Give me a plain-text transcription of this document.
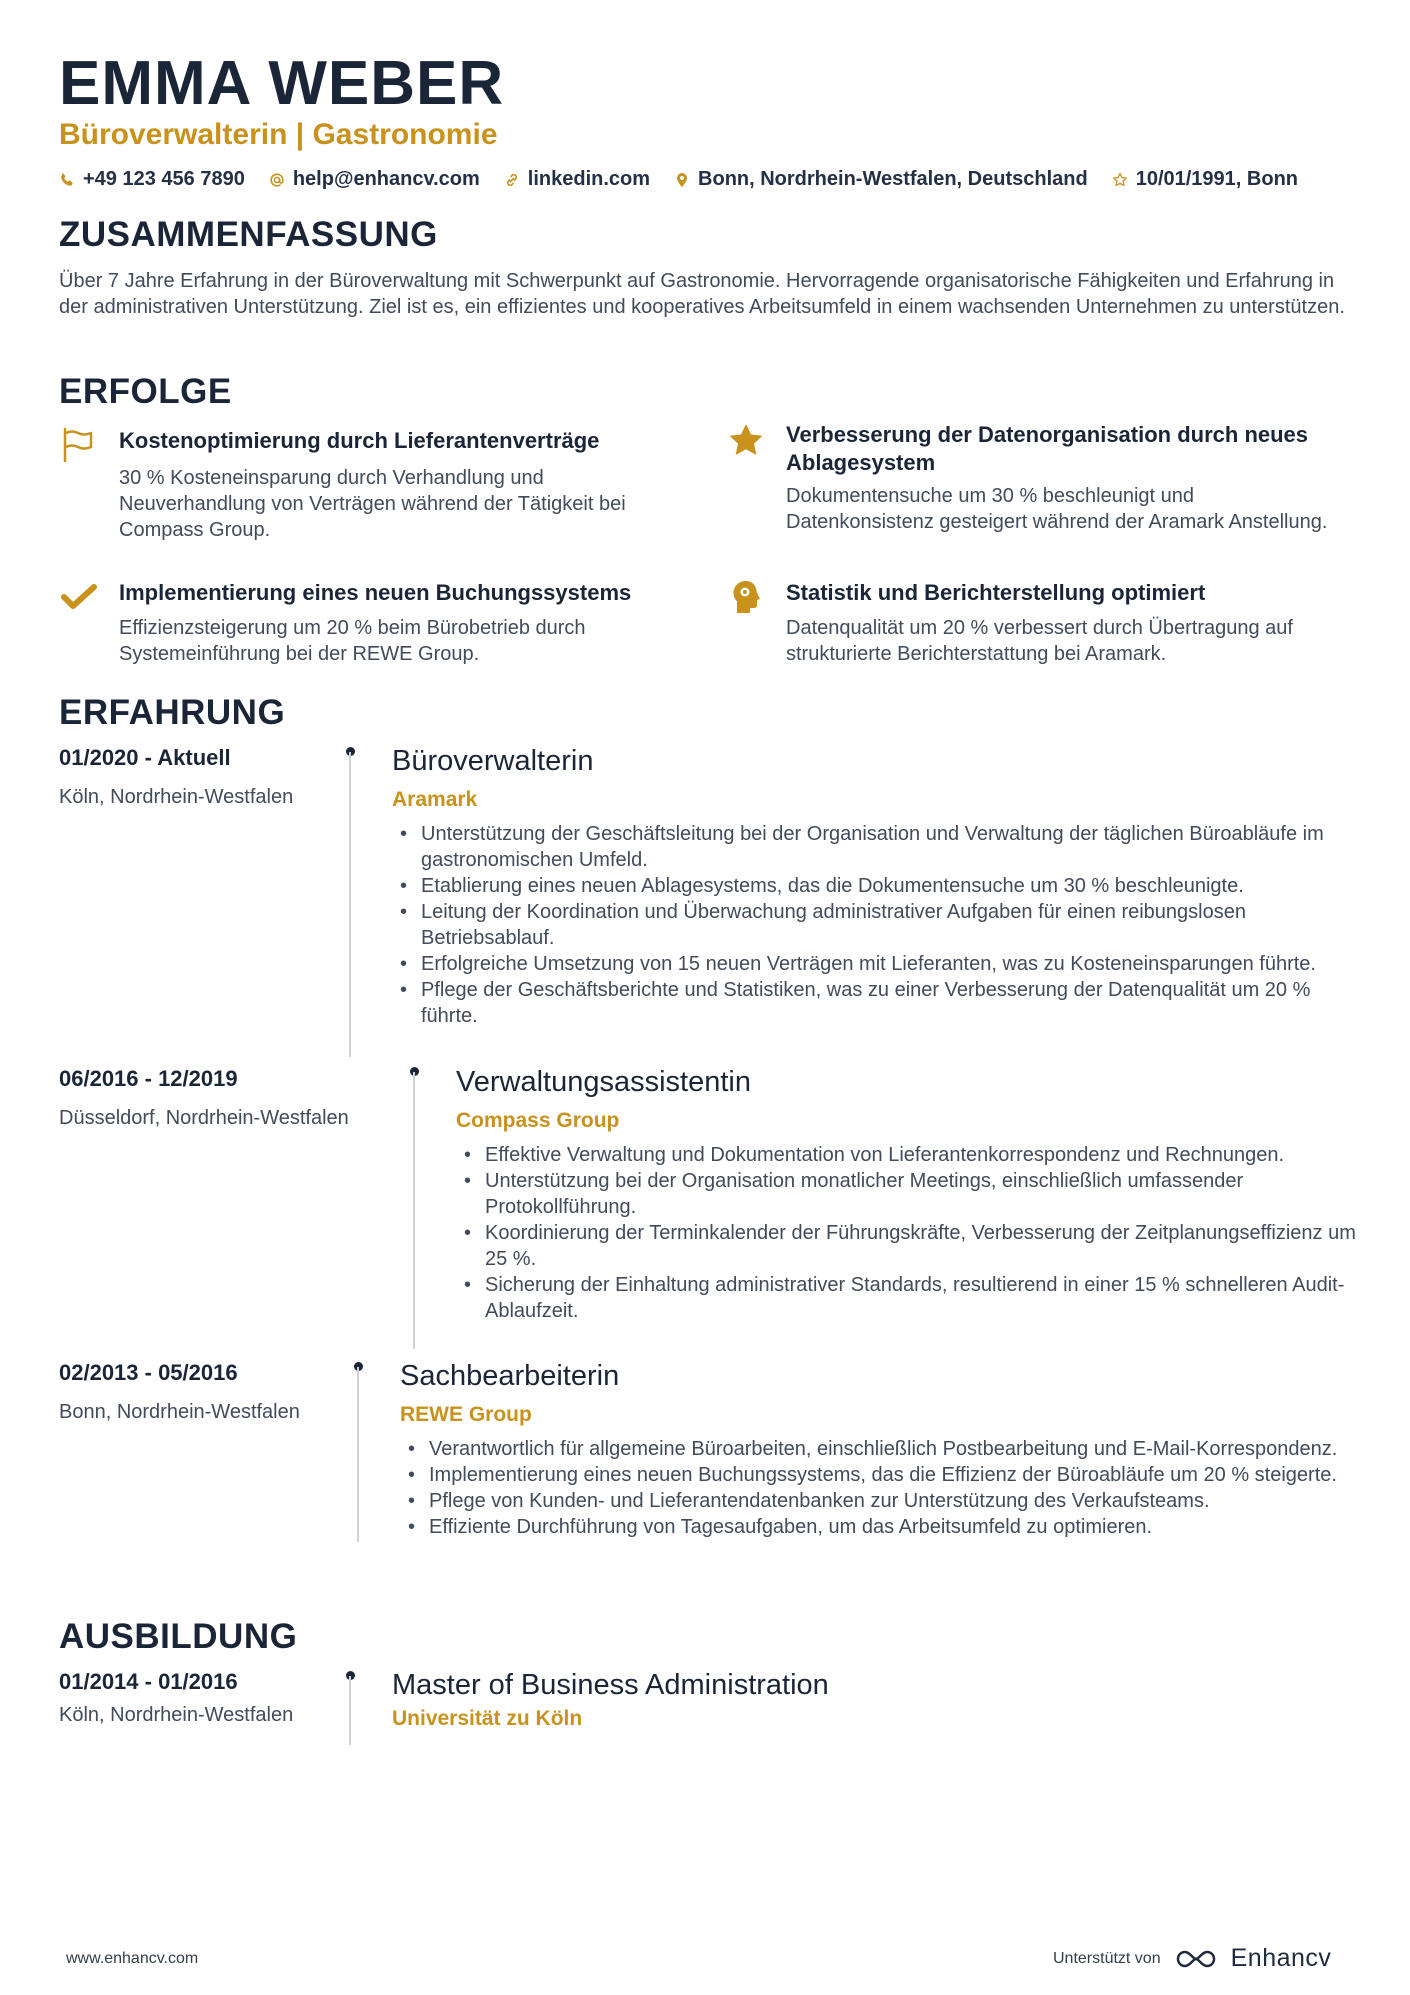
EMMA WEBER
Büroverwalterin | Gastronomie
+49 123 456 7890 help@enhancv.com linkedin.com Bonn, Nordrhein-Westfalen, Deutschland 10/01/1991, Bonn
ZUSAMMENFASSUNG
Über 7 Jahre Erfahrung in der Büroverwaltung mit Schwerpunkt auf Gastronomie. Hervorragende organisatorische Fähigkeiten und Erfahrung in der administrativen Unterstützung. Ziel ist es, ein effizientes und kooperatives Arbeitsumfeld in einem wachsenden Unternehmen zu unterstützen.
ERFOLGE
Kostenoptimierung durch Lieferantenverträge
30 % Kosteneinsparung durch Verhandlung und Neuverhandlung von Verträgen während der Tätigkeit bei Compass Group.
Verbesserung der Datenorganisation durch neues Ablagesystem
Dokumentensuche um 30 % beschleunigt und Datenkonsistenz gesteigert während der Aramark Anstellung.
Implementierung eines neuen Buchungssystems
Effizienzsteigerung um 20 % beim Bürobetrieb durch Systemeinführung bei der REWE Group.
Statistik und Berichterstellung optimiert
Datenqualität um 20 % verbessert durch Übertragung auf strukturierte Berichterstattung bei Aramark.
ERFAHRUNG
01/2020 - Aktuell
Köln, Nordrhein-Westfalen
Büroverwalterin
Aramark
• Unterstützung der Geschäftsleitung bei der Organisation und Verwaltung der täglichen Büroabläufe im gastronomischen Umfeld.
• Etablierung eines neuen Ablagesystems, das die Dokumentensuche um 30 % beschleunigte.
• Leitung der Koordination und Überwachung administrativer Aufgaben für einen reibungslosen Betriebsablauf.
• Erfolgreiche Umsetzung von 15 neuen Verträgen mit Lieferanten, was zu Kosteneinsparungen führte.
• Pflege der Geschäftsberichte und Statistiken, was zu einer Verbesserung der Datenqualität um 20 % führte.
06/2016 - 12/2019
Düsseldorf, Nordrhein-Westfalen
Verwaltungsassistentin
Compass Group
• Effektive Verwaltung und Dokumentation von Lieferantenkorrespondenz und Rechnungen.
• Unterstützung bei der Organisation monatlicher Meetings, einschließlich umfassender Protokollführung.
• Koordinierung der Terminkalender der Führungskräfte, Verbesserung der Zeitplanungseffizienz um 25 %.
• Sicherung der Einhaltung administrativer Standards, resultierend in einer 15 % schnelleren Audit-Ablaufzeit.
02/2013 - 05/2016
Bonn, Nordrhein-Westfalen
Sachbearbeiterin
REWE Group
• Verantwortlich für allgemeine Büroarbeiten, einschließlich Postbearbeitung und E-Mail-Korrespondenz.
• Implementierung eines neuen Buchungssystems, das die Effizienz der Büroabläufe um 20 % steigerte.
• Pflege von Kunden- und Lieferantendatenbanken zur Unterstützung des Verkaufsteams.
• Effiziente Durchführung von Tagesaufgaben, um das Arbeitsumfeld zu optimieren.
AUSBILDUNG
01/2014 - 01/2016
Köln, Nordrhein-Westfalen
Master of Business Administration
Universität zu Köln
www.enhancv.com	Unterstützt von	Enhancv
